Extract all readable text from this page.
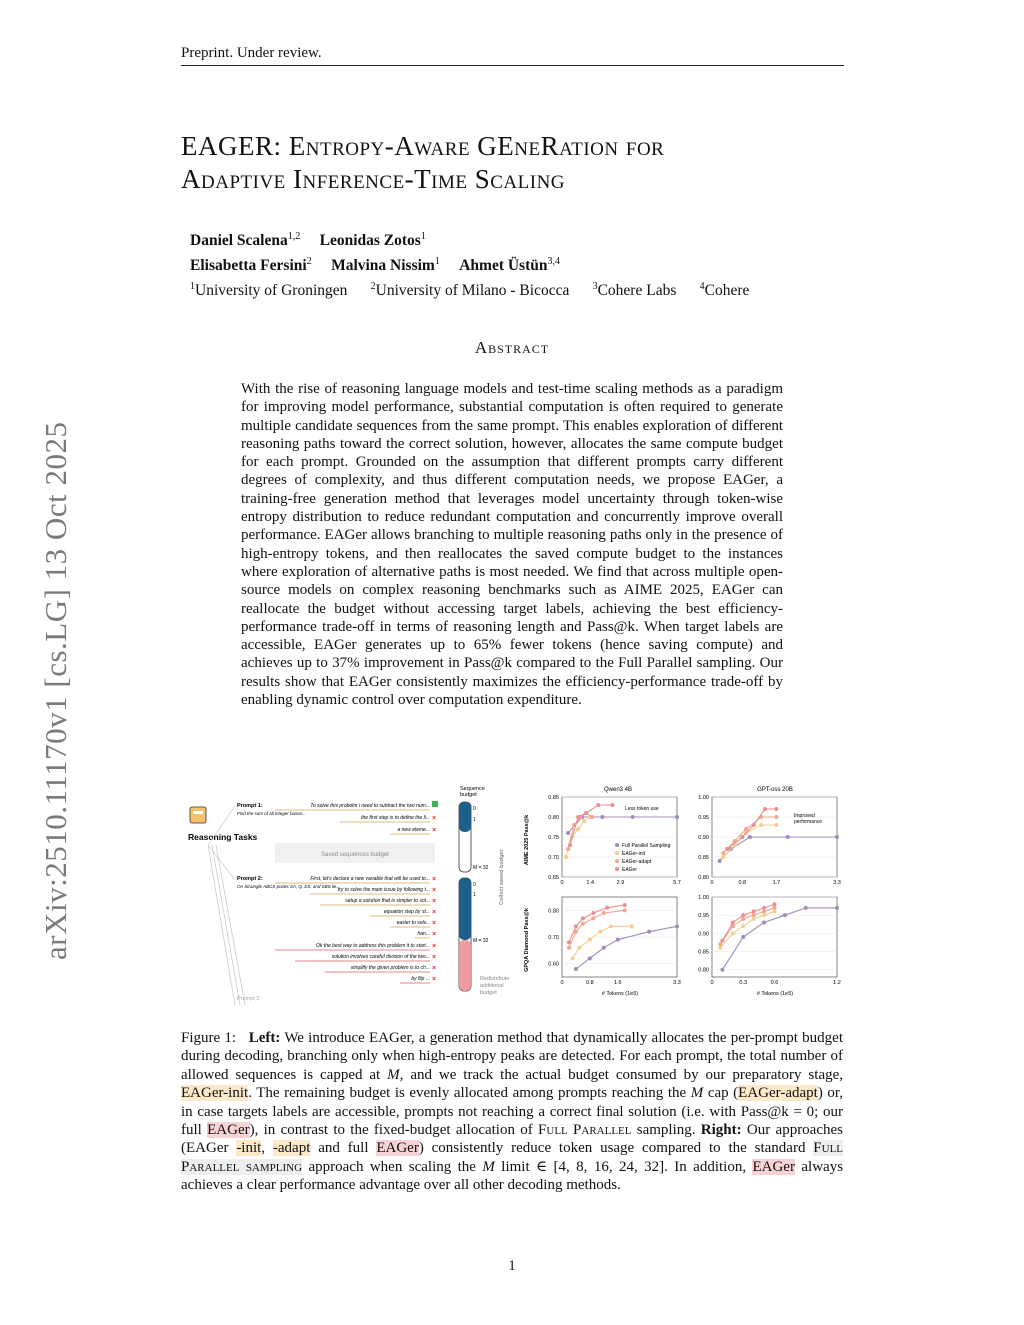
Preprint. Under review.
arXiv:2510.11170v1 [cs.LG] 13 Oct 2025
EAGER: Entropy-Aware GEneRation for
Adaptive Inference-Time Scaling
Daniel Scalena$^{1,2}$ Leonidas Zotos$^1$
Elisabetta Fersini$^2$ Malvina Nissim$^1$ Ahmet Üstün$^{3,4}$
$^1$University of Groningen $^2$University of Milano - Bicocca $^3$Cohere Labs $^4$Cohere
Abstract
With the rise of reasoning language models and test-time scaling methods as a paradigm for improving model performance, substantial computation is often required to generate multiple candidate sequences from the same prompt. This enables exploration of different reasoning paths toward the correct solution, however, allocates the same compute budget for each prompt. Grounded on the assumption that different prompts carry different degrees of complexity, and thus different computation needs, we propose EAGer, a training-free generation method that leverages model uncertainty through token-wise entropy distribution to reduce redundant computation and concurrently improve overall performance. EAGer allows branching to multiple reasoning paths only in the presence of high-entropy tokens, and then reallocates the saved compute budget to the instances where exploration of alternative paths is most needed. We find that across multiple open-source models on complex reasoning benchmarks such as AIME 2025, EAGer can reallocate the budget without accessing target labels, achieving the best efficiency-performance trade-off in terms of reasoning length and Pass@k. When target labels are accessible, EAGer generates up to 65% fewer tokens (hence saving compute) and achieves up to 37% improvement in Pass@k compared to the Full Parallel sampling. Our results show that EAGer consistently maximizes the efficiency-performance trade-off by enabling dynamic control over computation expenditure.
Reasoning Tasks
Prompt 1:
Find the sum of all integer bases...
Prompt 2:
On Straingle ABCS points SA, Q, ES, and SBS lie...
Prompt 3:
To solve this probelm i need to subtract the two num...
the first step is to define the li...
a new eleme...
Saved sequences budget
First, let's declare a new variable that will be used to...
try to solve the main issue by following t...
setup a solution that is simpler to sol...
equation step by st...
easier to solv...
han...
Ok the best way to address this problem it to start...
solution involves careful division of the two...
simplify the given problem is to ch...
by flip ...
×
×
×
×
×
×
×
×
×
×
×
×
Sequence budget
0
1
M = 32
0
1
M = 32
Collect saved budget
Redistribute additional budget
0.65
0.70
0.75
0.80
0.85
0	1.4	2.9	5.7
0.80
0.85
0.90
0.95
1.00
0	0.8	1.7	3.3
0.60
0.70
0.80
0	0.8	1.6	3.3
0.80
0.85
0.90
0.95
1.00
0	0.3	0.6	1.2
Qwen3 4B	GPT-oss 20B
AIME 2025 Pass@k
GPQA Diamond Pass@k
# Tokens (1e5)	# Tokens (1e5)
Less token use
Improved performance
Full Parallel Sampling
EAGer-init
EAGer-adapt
EAGer
Figure 1: Left: We introduce EAGer, a generation method that dynamically allocates the per-prompt budget during decoding, branching only when high-entropy peaks are detected. For each prompt, the total number of allowed sequences is capped at M, and we track the actual budget consumed by our preparatory stage, EAGer-init. The remaining budget is evenly allocated among prompts reaching the M cap (EAGer-adapt) or, in case targets labels are accessible, prompts not reaching a correct final solution (i.e. with Pass@k = 0; our full EAGer), in contrast to the fixed-budget allocation of Full Parallel sampling. Right: Our approaches (EAGer -init, -adapt and full EAGer) consistently reduce token usage compared to the standard Full Parallel sampling approach when scaling the M limit ∈ [4, 8, 16, 24, 32]. In addition, EAGer always achieves a clear performance advantage over all other decoding methods.
1
